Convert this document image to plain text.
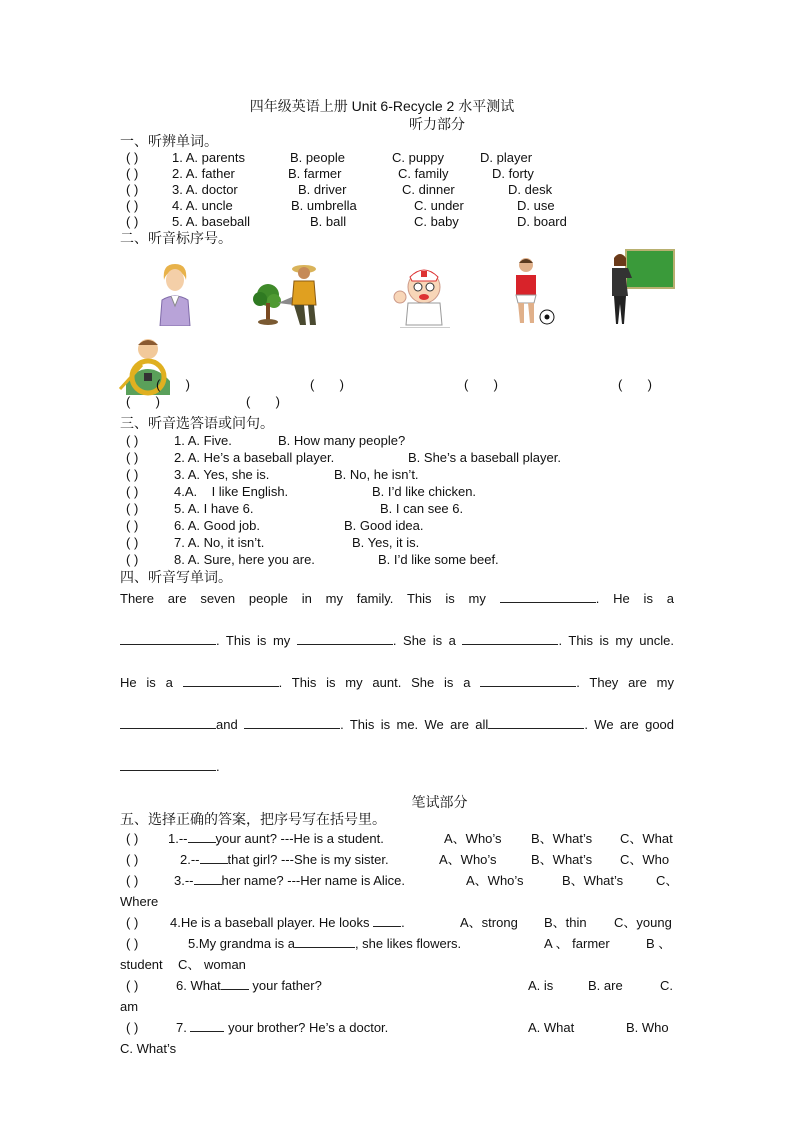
四年级英语上册 Unit 6-Recycle 2 水平测试
听力部分
一、听辨单词。
( )	1. A. parents	B. people	C. puppy	D. player
( )	2. A. father	B. farmer	C. family	D. forty
( )	3. A. doctor	B. driver	C. dinner	D. desk
( )	4. A. uncle	B. umbrella	C. under	D. use
( )	5. A. baseball	B. ball	C. baby	D. board
二、听音标序号。
(       )	(       )	(       )	(       )
(       )	(       )
三、听音选答语或问句。
( )	1. A. Five.	B. How many people?
( )	2. A. He’s a baseball player.	B. She’s a baseball player.
( )	3. A. Yes, she is.	B. No, he isn’t.
( )	4.A.    I like English.	B. I’d like chicken.
( )	5. A. I have 6.	B. I can see 6.
( )	6. A. Good job.	B. Good idea.
( )	7. A. No, it isn’t.	B. Yes, it is.
( )	8. A. Sure, here you are.	B. I’d like some beef.
四、听音写单词。
There are seven people in my family. This is my	. He is a
. This is my	. She is a	. This is my uncle.
He is a	. This is my aunt. She is a	. They are my
and	. This is me. We are all	. We are good
.
笔试部分
五、选择正确的答案，把序号写在括号里。
( ) 1.-- your aunt? ---He is a student.	A、Who’s B、What’s C、What
( )	2.-- that girl? ---She is my sister.	A、Who’s	B、What’s C、Who
( )	3.-- her name? ---Her name is Alice.	A、Who’s	B、What’s	C、
Where
( ) 4.He is a baseball player. He looks .	A、strong B、thin C、young
( )	5.My grandma is a	, she likes flowers.	A 、 farmer	B 、
student C、 woman
( )	6. What your father?	A. is	B. are	C.
am
( )	7.	your brother? He’s a doctor.	A. What	B. Who
C. What’s
